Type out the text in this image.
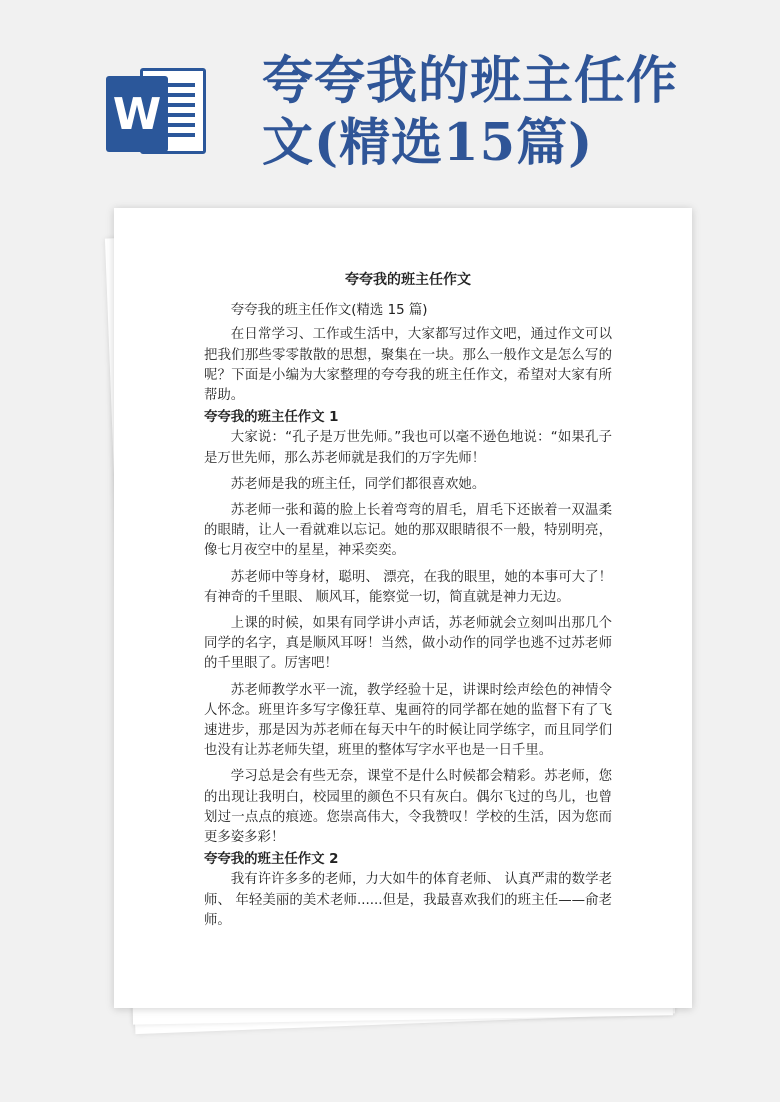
W
夸夸我的班主任作
文(精选15篇)
夸夸我的班主任作文

夸夸我的班主任作文(精选 15 篇)

在日常学习、工作或生活中，大家都写过作文吧，通过作文可以把我们那些零零散散的思想，聚集在一块。那么一般作文是怎么写的呢？下面是小编为大家整理的夸夸我的班主任作文，希望对大家有所帮助。

夸夸我的班主任作文 1

大家说：“孔子是万世先师。”我也可以毫不逊色地说：“如果孔子是万世先师，那么苏老师就是我们的万字先师！

苏老师是我的班主任，同学们都很喜欢她。

苏老师一张和蔼的脸上长着弯弯的眉毛，眉毛下还嵌着一双温柔的眼睛，让人一看就难以忘记。她的那双眼睛很不一般，特别明亮，像七月夜空中的星星，神采奕奕。

苏老师中等身材，聪明、 漂亮，在我的眼里，她的本事可大了！有神奇的千里眼、 顺风耳，能察觉一切，简直就是神力无边。

上课的时候，如果有同学讲小声话，苏老师就会立刻叫出那几个同学的名字，真是顺风耳呀！当然，做小动作的同学也逃不过苏老师的千里眼了。厉害吧！

苏老师教学水平一流，教学经验十足，讲课时绘声绘色的神情令人怀念。班里许多写字像狂草、鬼画符的同学都在她的监督下有了飞速进步，那是因为苏老师在每天中午的时候让同学练字，而且同学们也没有让苏老师失望，班里的整体写字水平也是一日千里。

学习总是会有些无奈，课堂不是什么时候都会精彩。苏老师，您的出现让我明白，校园里的颜色不只有灰白。偶尔飞过的鸟儿，也曾划过一点点的痕迹。您崇高伟大，令我赞叹！学校的生活，因为您而更多姿多彩！

夸夸我的班主任作文 2

我有许许多多的老师，力大如牛的体育老师、 认真严肃的数学老师、 年轻美丽的美术老师......但是，我最喜欢我们的班主任——俞老师。
